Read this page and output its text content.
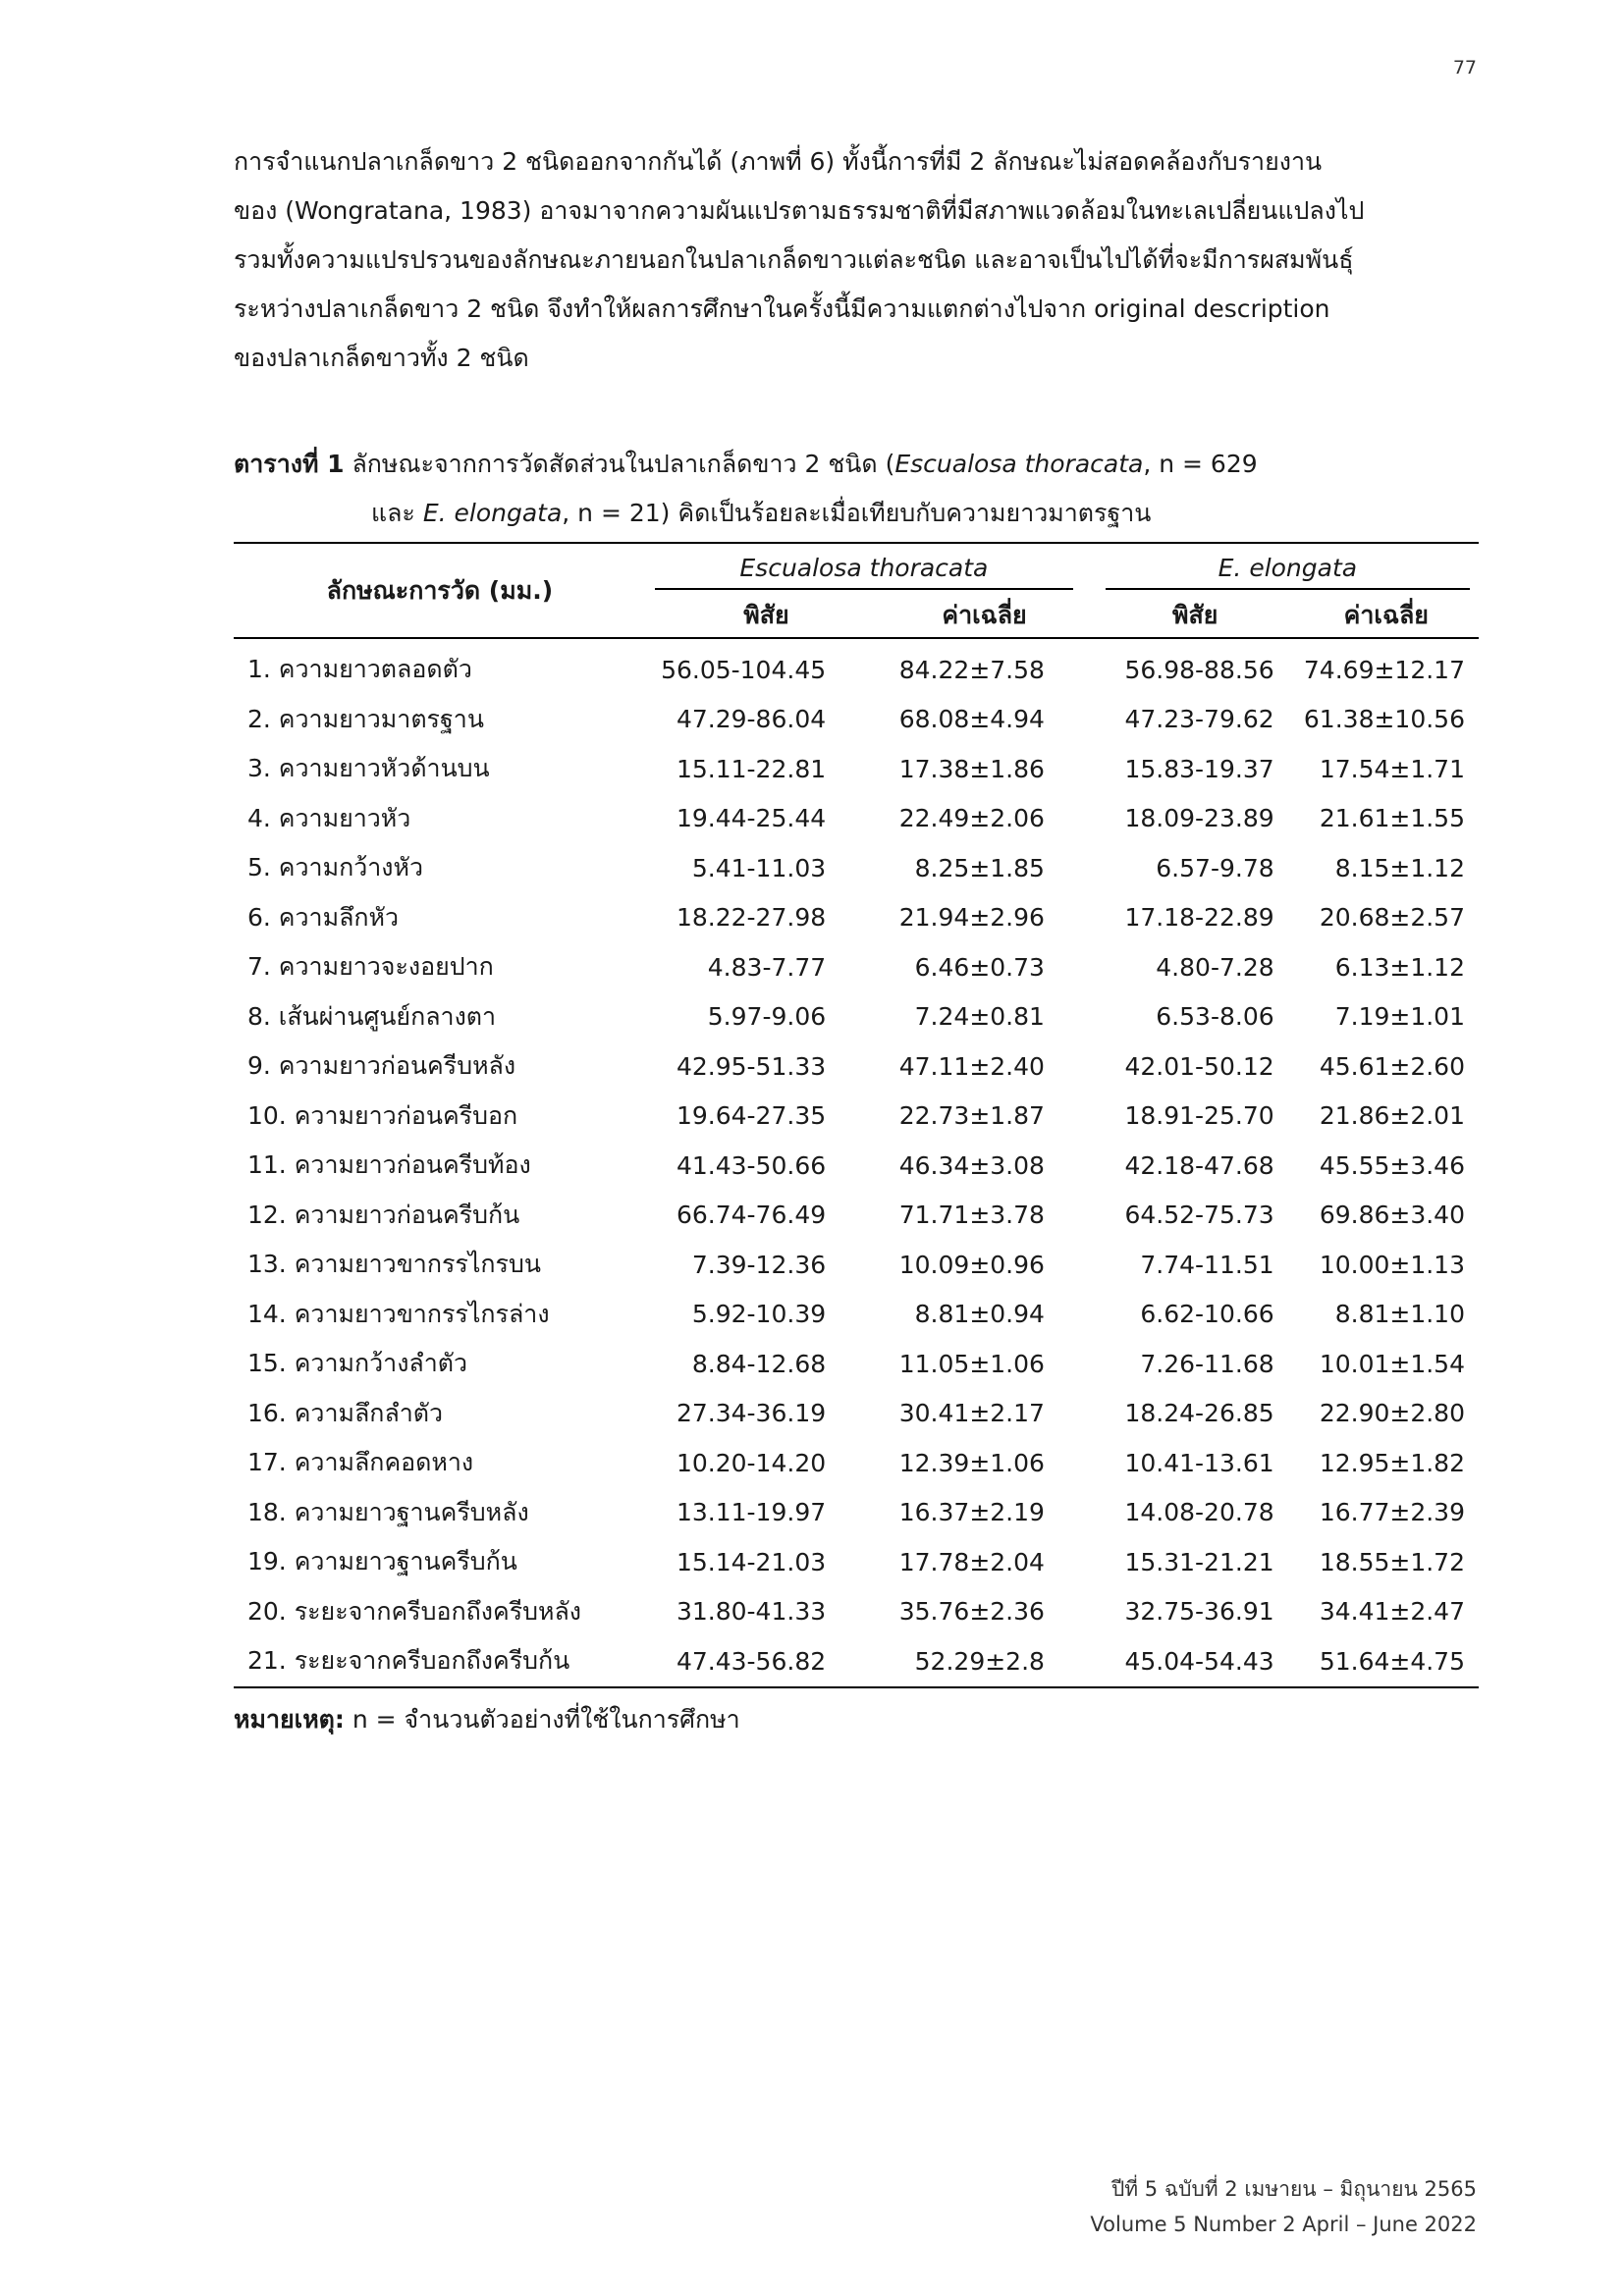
77
การจำแนกปลาเกล็ดขาว 2 ชนิดออกจากกันได้ (ภาพที่ 6) ทั้งนี้การที่มี 2 ลักษณะไม่สอดคล้องกับรายงาน
ของ (Wongratana, 1983) อาจมาจากความผันแปรตามธรรมชาติที่มีสภาพแวดล้อมในทะเลเปลี่ยนแปลงไป
รวมทั้งความแปรปรวนของลักษณะภายนอกในปลาเกล็ดขาวแต่ละชนิด และอาจเป็นไปได้ที่จะมีการผสมพันธุ์
ระหว่างปลาเกล็ดขาว 2 ชนิด จึงทำให้ผลการศึกษาในครั้งนี้มีความแตกต่างไปจาก original description
ของปลาเกล็ดขาวทั้ง 2 ชนิด
ตารางที่ 1 ลักษณะจากการวัดสัดส่วนในปลาเกล็ดขาว 2 ชนิด (Escualosa thoracata, n = 629
และ E. elongata, n = 21) คิดเป็นร้อยละเมื่อเทียบกับความยาวมาตรฐาน
ลักษณะการวัด (มม.)	Escualosa thoracata			E. elongata	

	พิสัย	ค่าเฉลี่ย		พิสัย	ค่าเฉลี่ย
1. ความยาวตลอดตัว	56.05-104.45	84.22±7.58		56.98-88.56	74.69±12.17
2. ความยาวมาตรฐาน	47.29-86.04	68.08±4.94		47.23-79.62	61.38±10.56
3. ความยาวหัวด้านบน	15.11-22.81	17.38±1.86		15.83-19.37	17.54±1.71
4. ความยาวหัว	19.44-25.44	22.49±2.06		18.09-23.89	21.61±1.55
5. ความกว้างหัว	5.41-11.03	8.25±1.85		6.57-9.78	8.15±1.12
6. ความลึกหัว	18.22-27.98	21.94±2.96		17.18-22.89	20.68±2.57
7. ความยาวจะงอยปาก	4.83-7.77	6.46±0.73		4.80-7.28	6.13±1.12
8. เส้นผ่านศูนย์กลางตา	5.97-9.06	7.24±0.81		6.53-8.06	7.19±1.01
9. ความยาวก่อนครีบหลัง	42.95-51.33	47.11±2.40		42.01-50.12	45.61±2.60
10. ความยาวก่อนครีบอก	19.64-27.35	22.73±1.87		18.91-25.70	21.86±2.01
11. ความยาวก่อนครีบท้อง	41.43-50.66	46.34±3.08		42.18-47.68	45.55±3.46
12. ความยาวก่อนครีบก้น	66.74-76.49	71.71±3.78		64.52-75.73	69.86±3.40
13. ความยาวขากรรไกรบน	7.39-12.36	10.09±0.96		7.74-11.51	10.00±1.13
14. ความยาวขากรรไกรล่าง	5.92-10.39	8.81±0.94		6.62-10.66	8.81±1.10
15. ความกว้างลำตัว	8.84-12.68	11.05±1.06		7.26-11.68	10.01±1.54
16. ความลึกลำตัว	27.34-36.19	30.41±2.17		18.24-26.85	22.90±2.80
17. ความลึกคอดหาง	10.20-14.20	12.39±1.06		10.41-13.61	12.95±1.82
18. ความยาวฐานครีบหลัง	13.11-19.97	16.37±2.19		14.08-20.78	16.77±2.39
19. ความยาวฐานครีบก้น	15.14-21.03	17.78±2.04		15.31-21.21	18.55±1.72
20. ระยะจากครีบอกถึงครีบหลัง	31.80-41.33	35.76±2.36		32.75-36.91	34.41±2.47
21. ระยะจากครีบอกถึงครีบก้น	47.43-56.82	52.29±2.8		45.04-54.43	51.64±4.75
หมายเหตุ: n = จำนวนตัวอย่างที่ใช้ในการศึกษา
ปีที่ 5 ฉบับที่ 2 เมษายน – มิถุนายน 2565
Volume 5 Number 2 April – June 2022
